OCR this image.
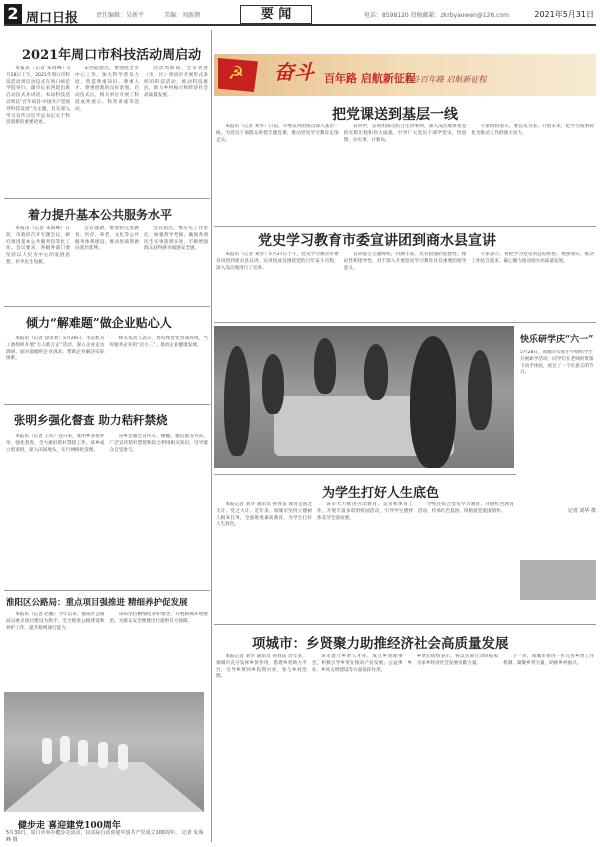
2 周口日报	责任编辑：吴新平	美编：刘新颜	要 闻	电话：8598120 投稿邮箱：zkrbyaowen@126.com	2021年5月31日
2021年周口市科技活动周启动

本报讯（记者 朱海峰）5月28日上午，2021年周口市科技活动周启动仪式在周口师范学院举行。副市长宋西超出席启动仪式并讲话。本届科技活动周以“百年回首·中国共产党领导科技发展”为主题，旨在深入学习宣传习近平总书记关于科技创新的重要论述。

宋西超指出，要围绕全市中心工作，加大科学普及力度，营造尊重知识、尊重人才、尊重创新的良好氛围。启动仪式后，相关单位开展了科技成果展示、科普讲座等活动。

活动周期间，全市各县（市、区）将同步开展形式多样的科技活动，推动科技惠民，助力乡村振兴和经济社会高质量发展。

着力提升基本公共服务水平

本报讯（记者 朱海峰）日前，市政府召开专题会议，研究推进基本公共服务均等化工作。会议要求，各级各部门要坚持以人民为中心的发展思想，补齐民生短板。

会议强调，要加快完善教育、医疗、养老、文化等公共服务体系建设，推动优质资源向基层延伸。

会议指出，要压实工作责任，加强督导考核，确保各项民生实事落到实处，不断增强群众获得感幸福感安全感。

倾力“解难题”做企业贴心人

本报讯（记者 徐永智）5月28日，市直机关工委组织开展“万人助万企”活动，深入企业走访调研，面对面倾听企业诉求，帮助企业解决实际困难。

相关负责人表示，将持续优化营商环境，当好服务企业的“店小二”，推动企业健康发展。

张明乡强化督查 助力秸秆禁烧

本报讯（记者 王伟）连日来，张明乡多措并举，强化督查，全力做好秸秆禁烧工作。该乡成立督查组，深入田间地头，实行网格化管理。

该乡还通过宣传车、横幅、微信群等方式，广泛宣传秸秆禁烧和综合利用相关知识，引导群众自觉参与。

淮阳区公路局：重点项目强推进 精细养护促发展

本报讯（记者 赵鹏）今年以来，淮阳区公路局以重点项目建设为抓手，全力推进公路建设和养护工作，提升路网通行能力。

该局坚持精细化养护理念，开展路域环境整治，为群众安全便捷出行提供有力保障。

健步走 喜迎建党100周年
5月30日，周口市举办健步走活动，以实际行动喜迎中国共产党成立100周年。 记者 朱海峰 摄
☭ 奋斗 百年路 启航新征程
奋斗百年路 启航新征程
把党课送到基层一线

本报讯（记者 刘华）日前，市委宣讲团成员深入基层一线，为党员干部群众讲授专题党课，推动党史学习教育走深走实。

宣讲中，宣讲团成员结合生动事例，深入浅出地讲述党的光辉历程和伟大成就，引导广大党员干部学党史、悟思想、办实事、开新局。

大家纷纷表示，要以史为鉴、开创未来，把学习成果转化为推动工作的强大动力。

党史学习教育市委宣讲团到商水县宣讲

本报讯（记者 刘华）5月27日上午，党史学习教育市委宣讲团到商水县宣讲。宣讲团成员围绕党的百年奋斗历程，深入浅出地进行了宣讲。

宣讲报告主题鲜明、内涵丰富，具有很强的思想性、理论性和指导性，对于深入开展党史学习教育具有重要的指导意义。

大家表示，将把学习党史同总结经验、观照现实、推动工作结合起来，凝心聚力推动商水高质量发展。

快乐研学庆“六一”
5月28日，项城市实验小学组织学生开展研学活动，同学们在老师的带领下动手体验，度过了一个有意义的节日。
记者 刘华 摄
为学生打好人生底色

本报记者 刘华 通讯员 孙春雷 教育是国之大计、党之大计。近年来，项城市坚持立德树人根本任务，全面推进素质教育，为学生打好人生底色。

该市大力推进劳动教育、美育和体育工作，开展丰富多彩的校园活动，引导学生德智体美劳全面发展。

学校还结合党史学习教育，开展红色教育活动，传承红色基因，厚植爱党爱国情怀。

项城市：乡贤聚力助推经济社会高质量发展

本报记者 刘华 通讯员 孙春雷 近年来，项城市充分发挥乡贤作用，搭建乡贤助力平台，引导乡贤回乡投资兴业、参与乡村治理。

该市建立乡贤人才库，成立乡贤理事会，积极引导乡贤在推动产业发展、公益事业、乡风文明建设等方面发挥作用。

乡贤们纷纷表示，将以实际行动回报家乡，为家乡经济社会发展贡献力量。

下一步，项城市将进一步完善乡贤工作机制，凝聚乡贤力量，助推乡村振兴。
